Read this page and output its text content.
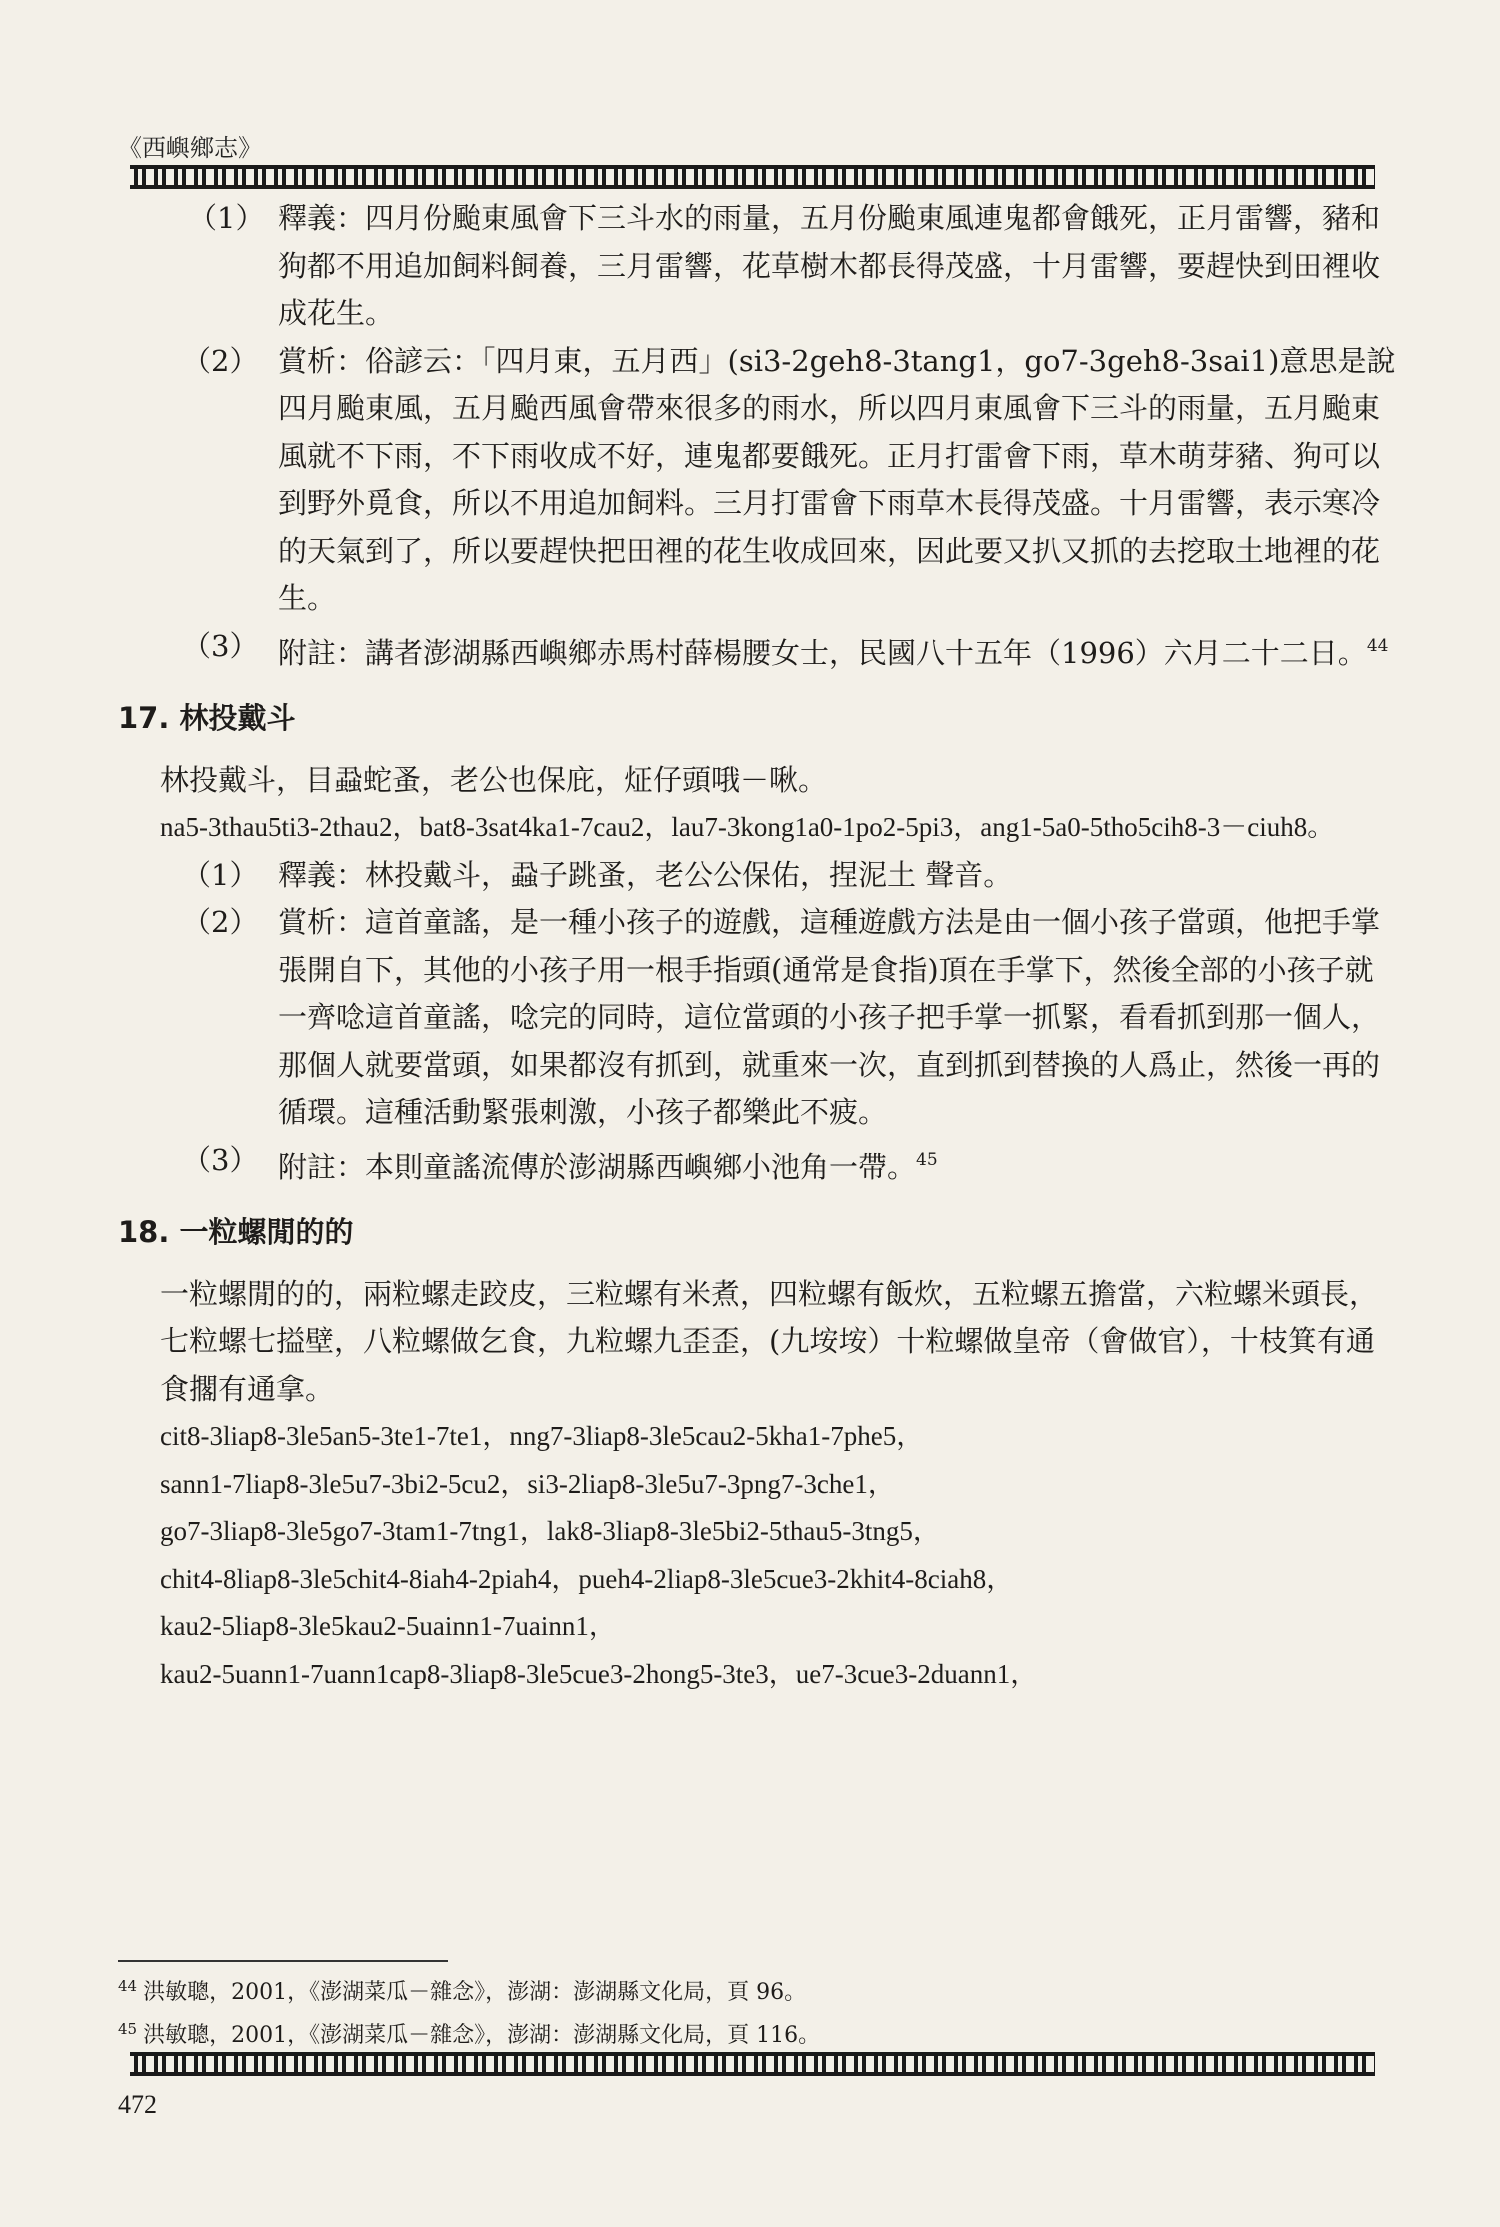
《西嶼鄉志》
（1） 釋義：四月份颱東風會下三斗水的雨量，五月份颱東風連鬼都會餓死，正月雷響，豬和狗都不用追加飼料飼養，三月雷響，花草樹木都長得茂盛，十月雷響，要趕快到田裡收成花生。
（2） 賞析：俗諺云：「四月東，五月西」(si3-2geh8-3tang1，go7-3geh8-3sai1)意思是說四月颱東風，五月颱西風會帶來很多的雨水，所以四月東風會下三斗的雨量，五月颱東風就不下雨，不下雨收成不好，連鬼都要餓死。正月打雷會下雨，草木萌芽豬、狗可以到野外覓食，所以不用追加飼料。三月打雷會下雨草木長得茂盛。十月雷響，表示寒冷的天氣到了，所以要趕快把田裡的花生收成回來，因此要又扒又抓的去挖取土地裡的花生。
（3） 附註：講者澎湖縣西嶼鄉赤馬村薛楊腰女士，民國八十五年（1996）六月二十二日。$^{44}$
17. 林投戴斗

林投戴斗，目蝨蛇蚤，老公也保庇，炡仔頭哦－啾。

na5-3thau5ti3-2thau2，bat8-3sat4ka1-7cau2，lau7-3kong1a0-1po2-5pi3，ang1-5a0-5tho5cih8-3－ciuh8。

（1） 釋義：林投戴斗，蝨子跳蚤，老公公保佑，捏泥土 聲音。
（2） 賞析：這首童謠，是一種小孩子的遊戲，這種遊戲方法是由一個小孩子當頭，他把手掌張開自下，其他的小孩子用一根手指頭(通常是食指)頂在手掌下，然後全部的小孩子就一齊唸這首童謠，唸完的同時，這位當頭的小孩子把手掌一抓緊，看看抓到那一個人，那個人就要當頭，如果都沒有抓到，就重來一次，直到抓到替換的人爲止，然後一再的循環。這種活動緊張刺激，小孩子都樂此不疲。
（3） 附註：本則童謠流傳於澎湖縣西嶼鄉小池角一帶。$^{45}$
18. 一粒螺閒的的

一粒螺閒的的，兩粒螺走跤皮，三粒螺有米煮，四粒螺有飯炊，五粒螺五擔當，六粒螺米頭長，七粒螺七搤壁，八粒螺做乞食，九粒螺九歪歪，(九垵垵）十粒螺做皇帝（會做官），十枝箕有通食擱有通拿。

cit8-3liap8-3le5an5-3te1-7te1，nng7-3liap8-3le5cau2-5kha1-7phe5，
sann1-7liap8-3le5u7-3bi2-5cu2，si3-2liap8-3le5u7-3png7-3che1，
go7-3liap8-3le5go7-3tam1-7tng1，lak8-3liap8-3le5bi2-5thau5-3tng5，
chit4-8liap8-3le5chit4-8iah4-2piah4，pueh4-2liap8-3le5cue3-2khit4-8ciah8，
kau2-5liap8-3le5kau2-5uainn1-7uainn1，
kau2-5uann1-7uann1cap8-3liap8-3le5cue3-2hong5-3te3，ue7-3cue3-2duann1，
$^{44}$ 洪敏聰，2001，《澎湖菜瓜－雜念》，澎湖：澎湖縣文化局，頁 96。
$^{45}$ 洪敏聰，2001，《澎湖菜瓜－雜念》，澎湖：澎湖縣文化局，頁 116。
472
